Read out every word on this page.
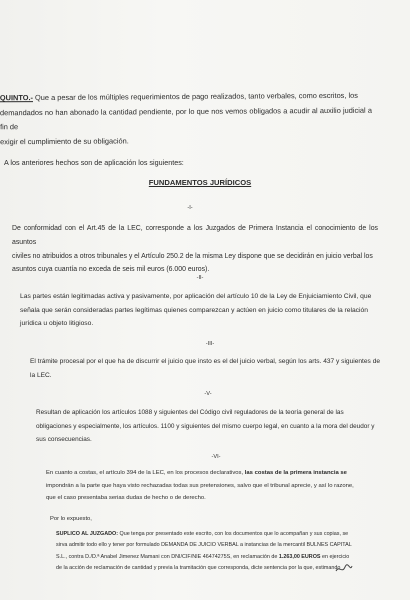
QUINTO.- Que a pesar de los múltiples requerimientos de pago realizados, tanto verbales, como escritos, los
demandados no han abonado la cantidad pendiente, por lo que nos vemos obligados a acudir al auxilio judicial a fin de
exigir el cumplimiento de su obligación.
A los anteriores hechos son de aplicación los siguientes:
FUNDAMENTOS JURÍDICOS
-I-
De conformidad con el Art.45 de la LEC, corresponde a los Juzgados de Primera Instancia el conocimiento de los asuntos
civiles no atribuidos a otros tribunales y el Artículo 250.2 de la misma Ley dispone que se decidirán en juicio verbal los
asuntos cuya cuantía no exceda de seis mil euros (6.000 euros).
-II-
Las partes están legitimadas activa y pasivamente, por aplicación del artículo 10 de la Ley de Enjuiciamiento Civil, que
señala que serán consideradas partes legítimas quienes comparezcan y actúen en juicio como titulares de la relación
jurídica u objeto litigioso.
-III-
El trámite procesal por el que ha de discurrir el juicio que insto es el del juicio verbal, según los arts. 437 y siguientes de
la LEC.
-V-
Resultan de aplicación los artículos 1088 y siguientes del Código civil reguladores de la teoría general de las
obligaciones y especialmente, los artículos. 1100 y siguientes del mismo cuerpo legal, en cuanto a la mora del deudor y
sus consecuencias.
-VI-
En cuanto a costas, el artículo 394 de la LEC, en los procesos declarativos, las costas de la primera instancia se
impondrán a la parte que haya visto rechazadas todas sus pretensiones, salvo que el tribunal aprecie, y así lo razone,
que el caso presentaba serias dudas de hecho o de derecho.
Por lo expuesto,
SUPLICO AL JUZGADO: Que tenga por presentado este escrito, con los documentos que lo acompañan y sus copias, se
sirva admitir todo ello y tener por formulado DEMANDA DE JUICIO VERBAL a instancias de la mercantil BULNES CAPITAL
S.L., contra D./D.ª Anabel Jimenez Mamani con DNI/CIF/NIE 46474275S, en reclamación de 1.263,00 EUROS en ejercicio
de la acción de reclamación de cantidad y previa la tramitación que corresponda, dicte sentencia por la que, estimando
